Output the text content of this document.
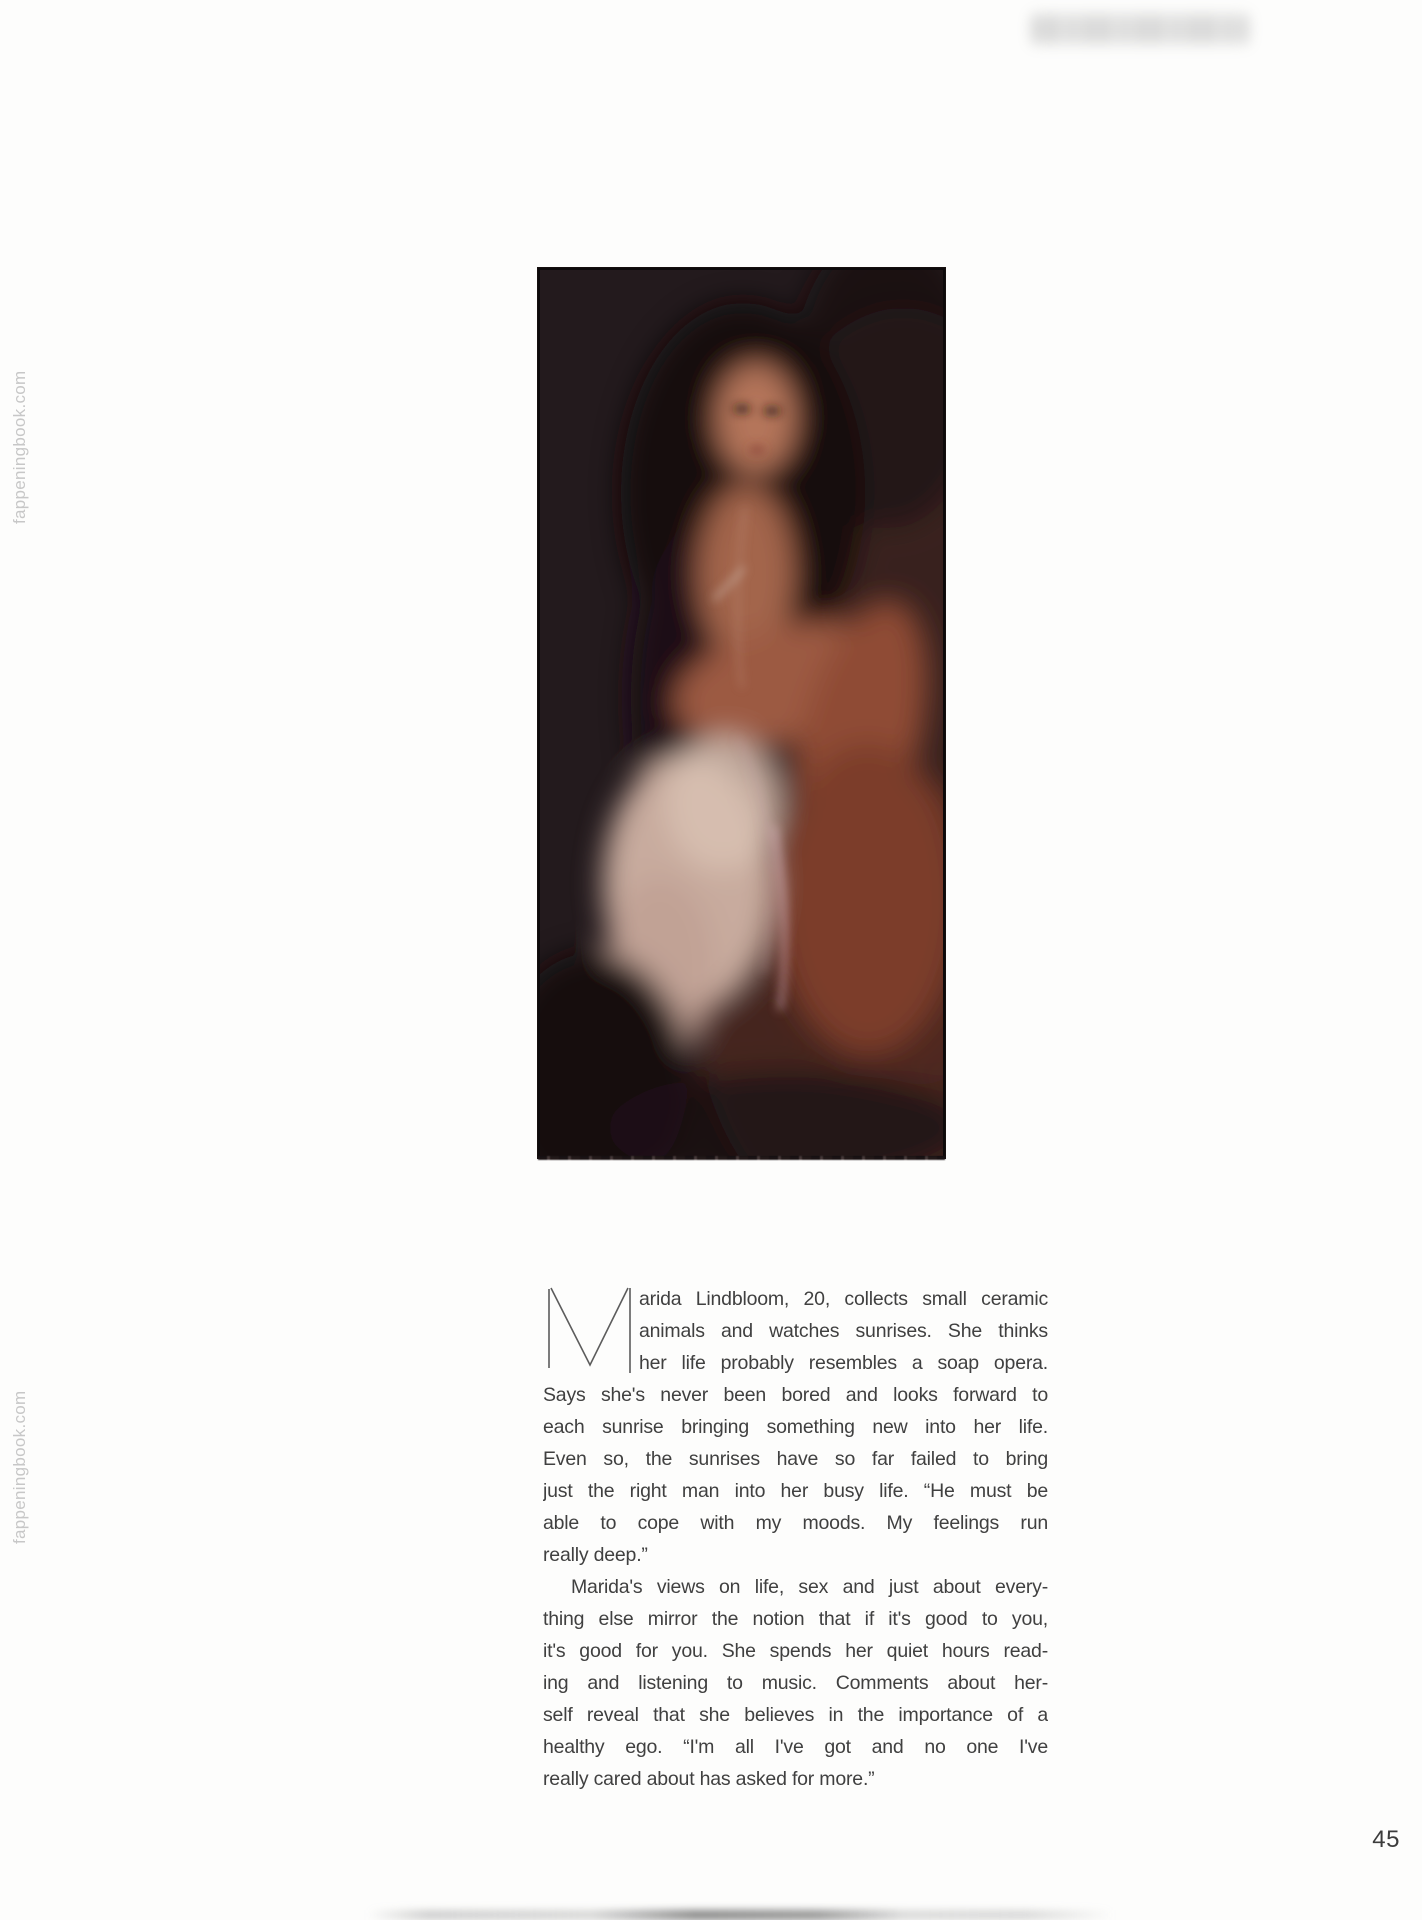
arida Lindbloom, 20, collects small ceramic
animals and watches sunrises. She thinks
her life probably resembles a soap opera.
Says she's never been bored and looks forward to
each sunrise bringing something new into her life.
Even so, the sunrises have so far failed to bring
just the right man into her busy life. “He must be
able to cope with my moods. My feelings run
really deep.”
Marida's views on life, sex and just about every-
thing else mirror the notion that if it's good to you,
it's good for you. She spends her quiet hours read-
ing and listening to music. Comments about her-
self reveal that she believes in the importance of a
healthy ego. “I'm all I've got and no one I've
really cared about has asked for more.”
45
fappeningbook.com
fappeningbook.com
